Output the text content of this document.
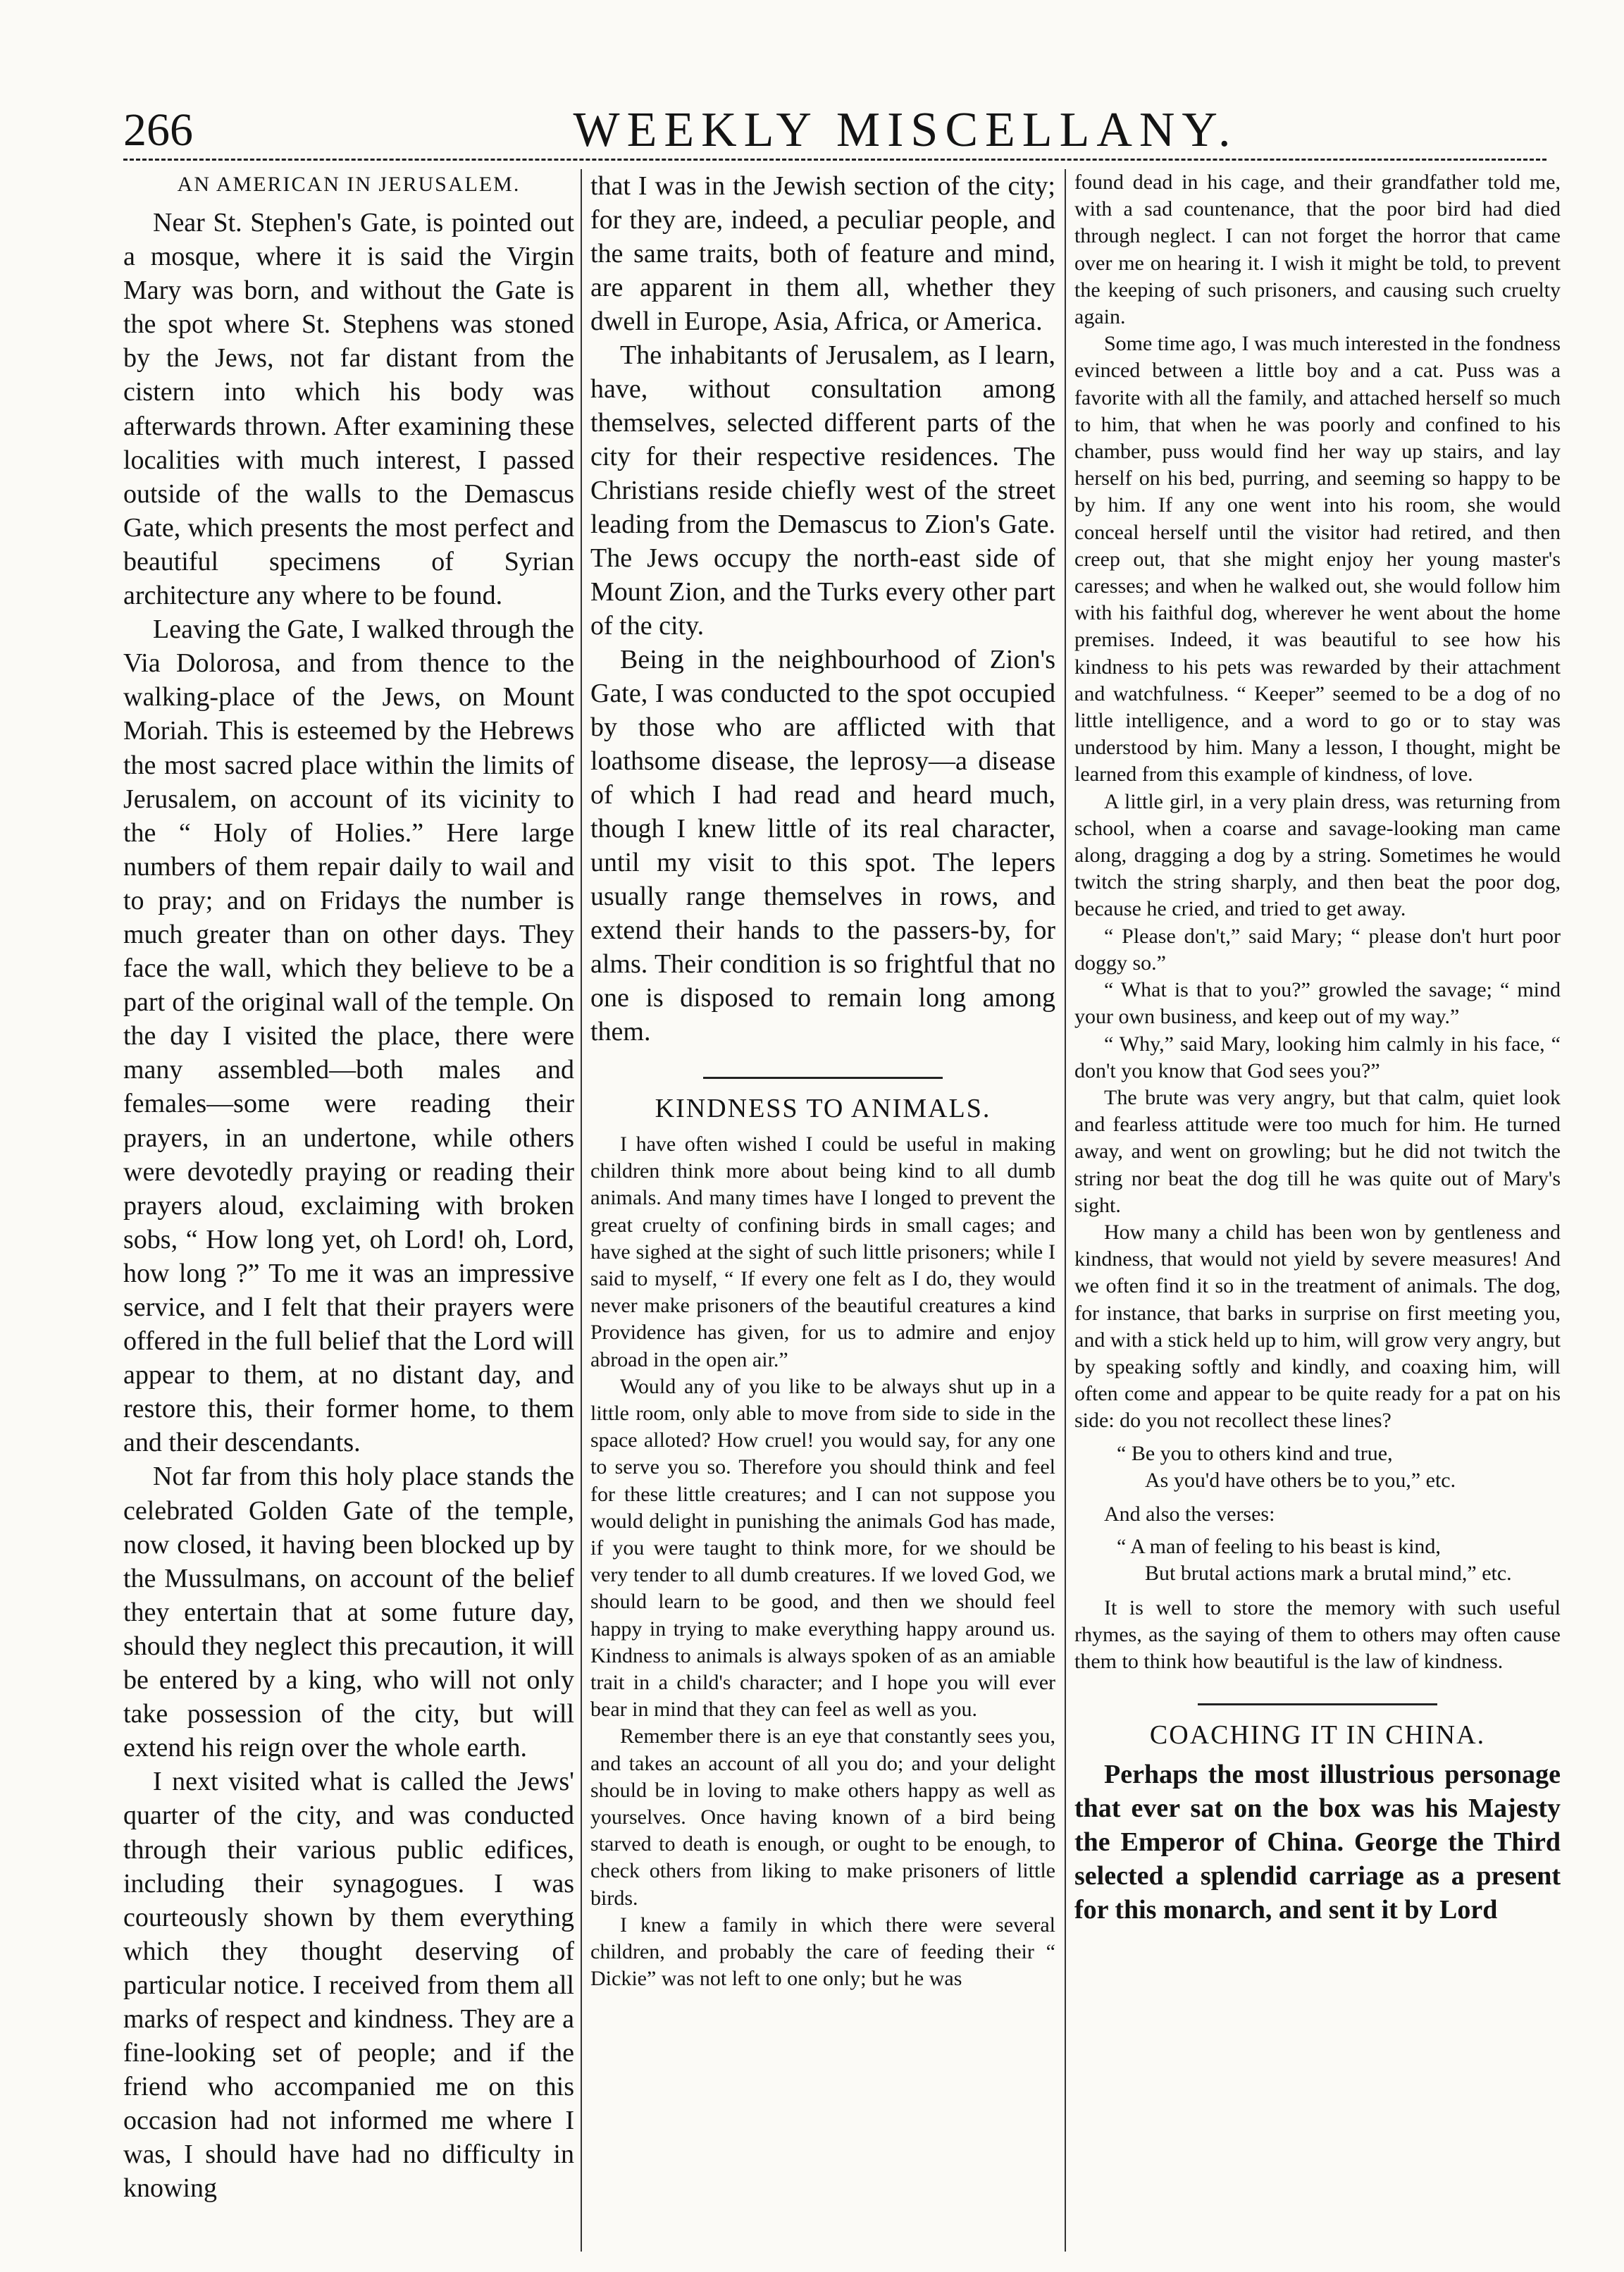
266	WEEKLY MISCELLANY.
AN AMERICAN IN JERUSALEM.

Near St. Stephen's Gate, is pointed out a mosque, where it is said the Virgin Mary was born, and without the Gate is the spot where St. Stephens was stoned by the Jews, not far distant from the cistern into which his body was afterwards thrown. After examining these localities with much interest, I passed outside of the walls to the Demascus Gate, which presents the most perfect and beautiful specimens of Syrian architecture any where to be found.

Leaving the Gate, I walked through the Via Dolorosa, and from thence to the walking-place of the Jews, on Mount Moriah. This is esteemed by the Hebrews the most sacred place within the limits of Jerusalem, on account of its vicinity to the “ Holy of Holies.” Here large numbers of them repair daily to wail and to pray; and on Fridays the number is much greater than on other days. They face the wall, which they believe to be a part of the original wall of the temple. On the day I visited the place, there were many assembled—both males and females—some were reading their prayers, in an undertone, while others were devotedly praying or reading their prayers aloud, exclaiming with broken sobs, “ How long yet, oh Lord! oh, Lord, how long ?” To me it was an impressive service, and I felt that their prayers were offered in the full belief that the Lord will appear to them, at no distant day, and restore this, their former home, to them and their descendants.

Not far from this holy place stands the celebrated Golden Gate of the temple, now closed, it having been blocked up by the Mussulmans, on account of the belief they entertain that at some future day, should they neglect this precaution, it will be entered by a king, who will not only take possession of the city, but will extend his reign over the whole earth.

I next visited what is called the Jews' quarter of the city, and was conducted through their various public edifices, including their synagogues. I was courteously shown by them everything which they thought deserving of particular notice. I received from them all marks of respect and kindness. They are a fine-looking set of people; and if the friend who accompanied me on this occasion had not informed me where I was, I should have had no difficulty in knowing

that I was in the Jewish section of the city; for they are, indeed, a peculiar people, and the same traits, both of feature and mind, are apparent in them all, whether they dwell in Europe, Asia, Africa, or America.

The inhabitants of Jerusalem, as I learn, have, without consultation among themselves, selected different parts of the city for their respective residences. The Christians reside chiefly west of the street leading from the Demascus to Zion's Gate. The Jews occupy the north-east side of Mount Zion, and the Turks every other part of the city.

Being in the neighbourhood of Zion's Gate, I was conducted to the spot occupied by those who are afflicted with that loathsome disease, the leprosy—a disease of which I had read and heard much, though I knew little of its real character, until my visit to this spot. The lepers usually range themselves in rows, and extend their hands to the passers-by, for alms. Their condition is so frightful that no one is disposed to remain long among them.

KINDNESS TO ANIMALS.

I have often wished I could be useful in making children think more about being kind to all dumb animals. And many times have I longed to prevent the great cruelty of confining birds in small cages; and have sighed at the sight of such little prisoners; while I said to myself, “ If every one felt as I do, they would never make prisoners of the beautiful creatures a kind Providence has given, for us to admire and enjoy abroad in the open air.”

Would any of you like to be always shut up in a little room, only able to move from side to side in the space alloted? How cruel! you would say, for any one to serve you so. Therefore you should think and feel for these little creatures; and I can not suppose you would delight in punishing the animals God has made, if you were taught to think more, for we should be very tender to all dumb creatures. If we loved God, we should learn to be good, and then we should feel happy in trying to make everything happy around us. Kindness to animals is always spoken of as an amiable trait in a child's character; and I hope you will ever bear in mind that they can feel as well as you.

Remember there is an eye that constantly sees you, and takes an account of all you do; and your delight should be in loving to make others happy as well as yourselves. Once having known of a bird being starved to death is enough, or ought to be enough, to check others from liking to make prisoners of little birds.

I knew a family in which there were several children, and probably the care of feeding their “ Dickie” was not left to one only; but he was

found dead in his cage, and their grandfather told me, with a sad countenance, that the poor bird had died through neglect. I can not forget the horror that came over me on hearing it. I wish it might be told, to prevent the keeping of such prisoners, and causing such cruelty again.

Some time ago, I was much interested in the fondness evinced between a little boy and a cat. Puss was a favorite with all the family, and attached herself so much to him, that when he was poorly and confined to his chamber, puss would find her way up stairs, and lay herself on his bed, purring, and seeming so happy to be by him. If any one went into his room, she would conceal herself until the visitor had retired, and then creep out, that she might enjoy her young master's caresses; and when he walked out, she would follow him with his faithful dog, wherever he went about the home premises. Indeed, it was beautiful to see how his kindness to his pets was rewarded by their attachment and watchfulness. “ Keeper” seemed to be a dog of no little intelligence, and a word to go or to stay was understood by him. Many a lesson, I thought, might be learned from this example of kindness, of love.

A little girl, in a very plain dress, was returning from school, when a coarse and savage-looking man came along, dragging a dog by a string. Sometimes he would twitch the string sharply, and then beat the poor dog, because he cried, and tried to get away.

“ Please don't,” said Mary; “ please don't hurt poor doggy so.”

“ What is that to you?” growled the savage; “ mind your own business, and keep out of my way.”

“ Why,” said Mary, looking him calmly in his face, “ don't you know that God sees you?”

The brute was very angry, but that calm, quiet look and fearless attitude were too much for him. He turned away, and went on growling; but he did not twitch the string nor beat the dog till he was quite out of Mary's sight.

How many a child has been won by gentleness and kindness, that would not yield by severe measures! And we often find it so in the treatment of animals. The dog, for instance, that barks in surprise on first meeting you, and with a stick held up to him, will grow very angry, but by speaking softly and kindly, and coaxing him, will often come and appear to be quite ready for a pat on his side: do you not recollect these lines?

“ Be you to others kind and true,
As you'd have others be to you,” etc.

And also the verses:

“ A man of feeling to his beast is kind,
But brutal actions mark a brutal mind,” etc.

It is well to store the memory with such useful rhymes, as the saying of them to others may often cause them to think how beautiful is the law of kindness.

COACHING IT IN CHINA.

Perhaps the most illustrious personage that ever sat on the box was his Majesty the Emperor of China. George the Third selected a splendid carriage as a present for this monarch, and sent it by Lord
